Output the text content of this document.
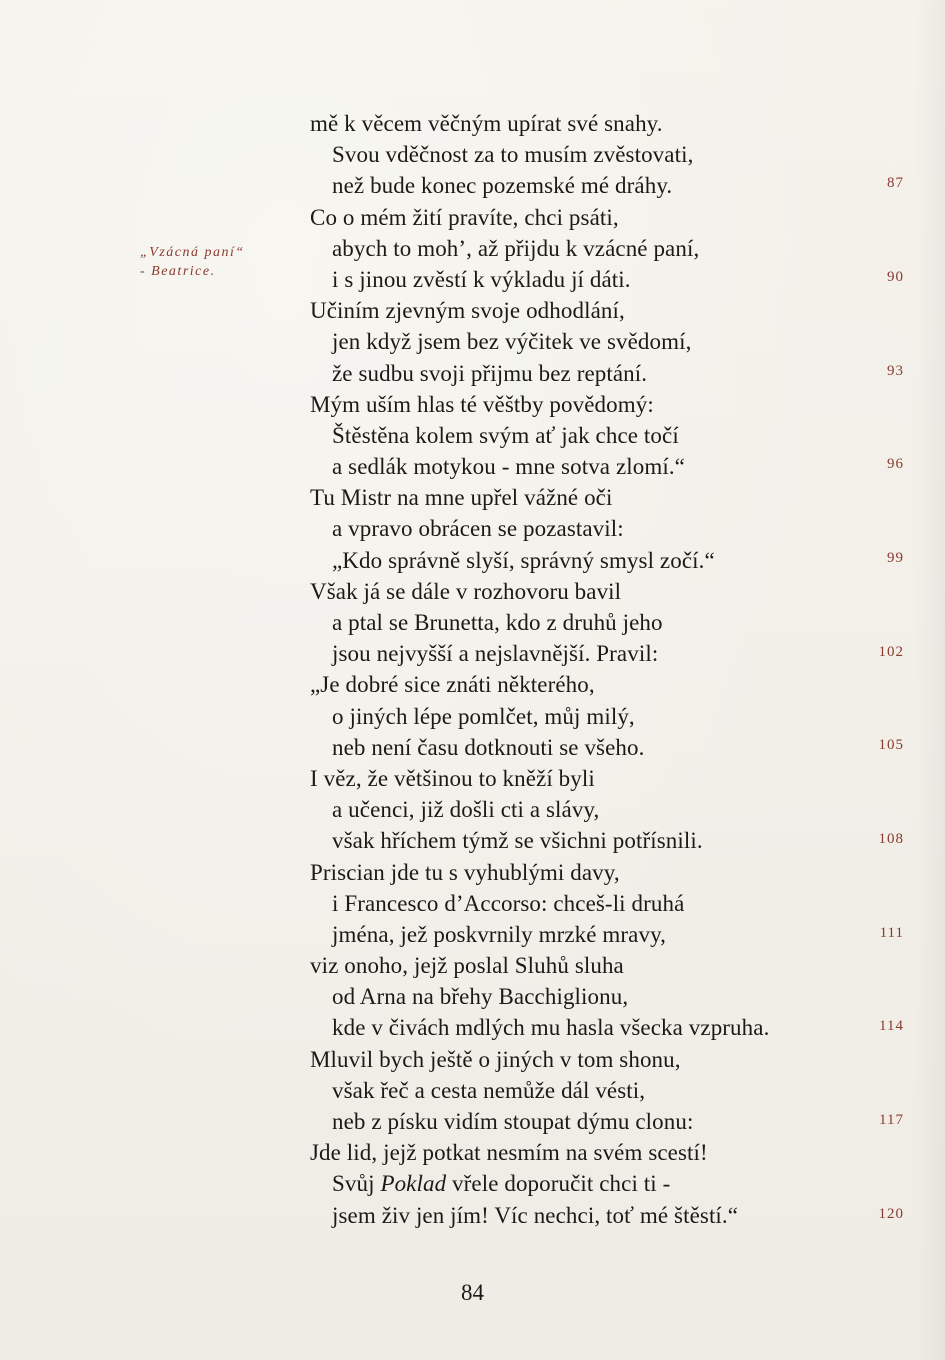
„Vzácná paní“
- Beatrice.
mě k věcem věčným upírat své snahy.
Svou vděčnost za to musím zvěstovati,
než bude konec pozemské mé dráhy.
Co o mém žití pravíte, chci psáti,
abych to moh’, až přijdu k vzácné paní,
i s jinou zvěstí k výkladu jí dáti.
Učiním zjevným svoje odhodlání,
jen když jsem bez výčitek ve svědomí,
že sudbu svoji přijmu bez reptání.
Mým uším hlas té věštby povědomý:
Štěstěna kolem svým ať jak chce točí
a sedlák motykou - mne sotva zlomí.“
Tu Mistr na mne upřel vážné oči
a vpravo obrácen se pozastavil:
„Kdo správně slyší, správný smysl zočí.“
Však já se dále v rozhovoru bavil
a ptal se Brunetta, kdo z druhů jeho
jsou nejvyšší a nejslavnější. Pravil:
„Je dobré sice znáti některého,
o jiných lépe pomlčet, můj milý,
neb není času dotknouti se všeho.
I věz, že většinou to kněží byli
a učenci, již došli cti a slávy,
však hříchem týmž se všichni potřísnili.
Priscian jde tu s vyhublými davy,
i Francesco d’Accorso: chceš-li druhá
jména, jež poskvrnily mrzké mravy,
viz onoho, jejž poslal Sluhů sluha
od Arna na břehy Bacchiglionu,
kde v čivách mdlých mu hasla všecka vzpruha.
Mluvil bych ještě o jiných v tom shonu,
však řeč a cesta nemůže dál vésti,
neb z písku vidím stoupat dýmu clonu:
Jde lid, jejž potkat nesmím na svém scestí!
Svůj Poklad vřele doporučit chci ti -
jsem živ jen jím! Víc nechci, toť mé štěstí.“
87
90
93
96
99
102
105
108
111
114
117
120
84
